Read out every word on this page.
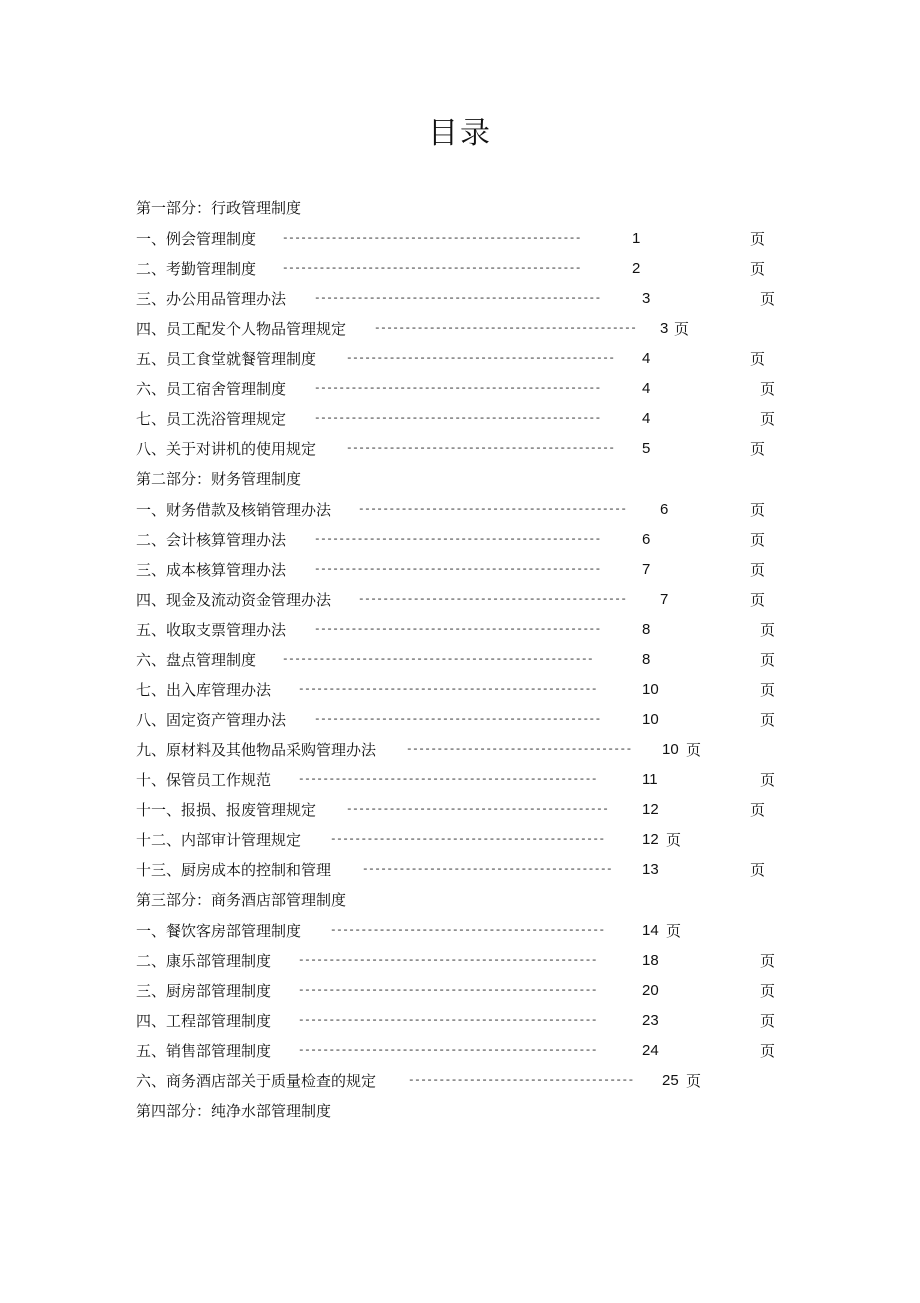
目录
第一部分：行政管理制度
一、例会管理制度 -------------------------------------------------	1	页
二、考勤管理制度 -------------------------------------------------	2	页
三、办公用品管理办法	-----------------------------------------------	3	页
四、员工配发个人物品管理规定	-------------------------------------------	3 页
五、员工食堂就餐管理制度	--------------------------------------------	4	页
六、员工宿舍管理制度	-----------------------------------------------	4	页
七、员工洗浴管理规定	-----------------------------------------------	4	页
八、关于对讲机的使用规定	--------------------------------------------	5	页
第二部分：财务管理制度
一、财务借款及核销管理办法 --------------------------------------------	6	页
二、会计核算管理办法	-----------------------------------------------	6	页
三、成本核算管理办法	-----------------------------------------------	7	页
四、现金及流动资金管理办法 --------------------------------------------	7	页
五、收取支票管理办法	-----------------------------------------------	8	页
六、盘点管理制度 ---------------------------------------------------	8	页
七、出入库管理办法 -------------------------------------------------	10	页
八、固定资产管理办法	-----------------------------------------------	10	页
九、原材料及其他物品采购管理办法	-------------------------------------	10 页
十、保管员工作规范 -------------------------------------------------	11	页
十一、报损、报废管理规定	-------------------------------------------	12	页
十二、内部审计管理规定	---------------------------------------------	12 页
十三、厨房成本的控制和管理	-----------------------------------------	13	页
第三部分：商务酒店部管理制度
一、餐饮客房部管理制度	---------------------------------------------	14 页
二、康乐部管理制度 -------------------------------------------------	18	页
三、厨房部管理制度 -------------------------------------------------	20	页
四、工程部管理制度 -------------------------------------------------	23	页
五、销售部管理制度 -------------------------------------------------	24	页
六、商务酒店部关于质量检查的规定	-------------------------------------	25 页
第四部分：纯净水部管理制度
